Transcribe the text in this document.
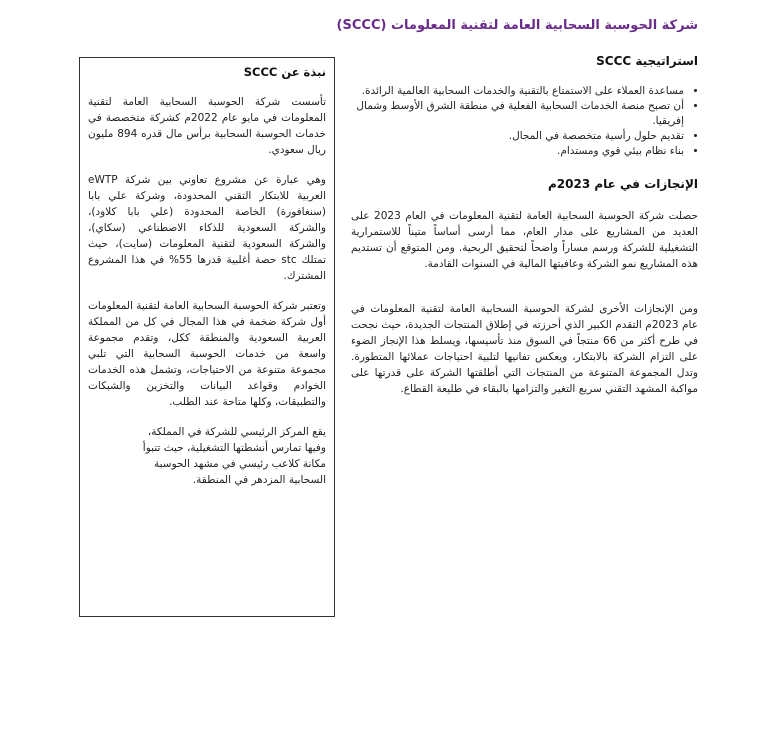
شركة الحوسبة السحابية العامة لتقنية المعلومات (SCCC)
استراتيجية SCCC
• مساعدة العملاء على الاستمتاع بالتقنية والخدمات السحابية العالمية الرائدة.
• أن تصبح منصة الخدمات السحابية الفعلية في منطقة الشرق الأوسط وشمال إفريقيا.
• تقديم حلول رأسية متخصصة في المجال.
• بناء نظام بيئي قوي ومستدام.
الإنجازات في عام 2023م

حصلت شركة الحوسبة السحابية العامة لتقنية المعلومات في العام 2023 على العديد من المشاريع على مدار العام، مما أرسى أساساً متيناً للاستمرارية التشغيلية للشركة ورسم مساراً واضحاً لتحقيق الربحية. ومن المتوقع أن تستديم هذه المشاريع نمو الشركة وعافيتها المالية في السنوات القادمة.

ومن الإنجازات الأخرى لشركة الحوسبة السحابية العامة لتقنية المعلومات في عام 2023م التقدم الكبير الذي أحرزته في إطلاق المنتجات الجديدة، حيث نجحت في طرح أكثر من 66 منتجاً في السوق منذ تأسيسها، ويسلط هذا الإنجاز الضوء على التزام الشركة بالابتكار، ويعكس تفانيها لتلبية احتياجات عملائها المتطورة. وتدل المجموعة المتنوعة من المنتجات التي أطلقتها الشركة على قدرتها على مواكبة المشهد التقني سريع التغير والتزامها بالبقاء في طليعة القطاع.

نبذة عن SCCC

تأسست شركة الحوسبة السحابية العامة لتقنية المعلومات في مايو عام 2022م كشركة متخصصة في خدمات الحوسبة السحابية برأس مال قدره 894 مليون ريال سعودي.

وهي عبارة عن مشروع تعاوني بين شركة eWTP العربية للابتكار التقني المحدودة، وشركة علي بابا (سنغافورة) الخاصة المحدودة (علي بابا كلاود)، والشركة السعودية للذكاء الاصطناعي (سكاي)، والشركة السعودية لتقنية المعلومات (سايت)، حيث تمتلك stc حصة أغلبية قدرها 55% في هذا المشروع المشترك.

وتعتبر شركة الحوسبة السحابية العامة لتقنية المعلومات أول شركة ضخمة في هذا المجال في كل من المملكة العربية السعودية والمنطقة ككل، وتقدم مجموعة واسعة من خدمات الحوسبة السحابية التي تلبي مجموعة متنوعة من الاحتياجات، وتشمل هذه الخدمات الخوادم وقواعد البيانات والتخزين والشبكات والتطبيقات، وكلها متاحة عند الطلب.

يقع المركز الرئيسي للشركة في المملكة، وفيها تمارس أنشطتها التشغيلية، حيث تتبوأ مكانة كلاعب رئيسي في مشهد الحوسبة السحابية المزدهر في المنطقة.
